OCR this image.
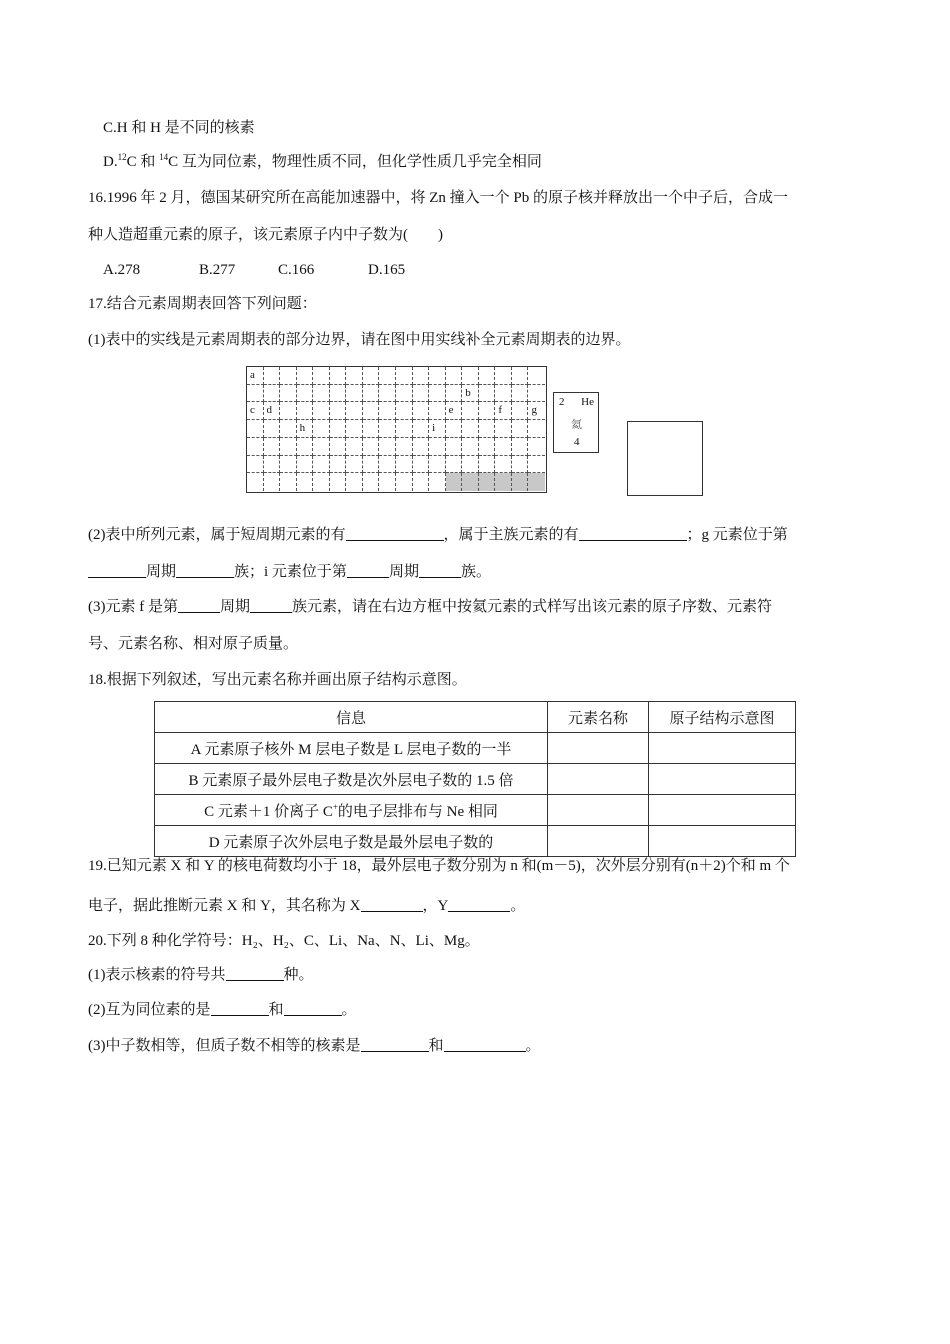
C.H 和 H 是不同的核素
D.$^{12}$C 和 $^{14}$C 互为同位素，物理性质不同，但化学性质几乎完全相同
16.1996 年 2 月，德国某研究所在高能加速器中，将 Zn 撞入一个 Pb 的原子核并释放出一个中子后，合成一
种人造超重元素的原子，该元素原子内中子数为(　　)
A.278	B.277	C.166	D.165
17.结合元素周期表回答下列问题：
(1)表中的实线是元素周期表的部分边界，请在图中用实线补全元素周期表的边界。
a
b
c	d	e	f	g
h	i
2 He
氦
4
(2)表中所列元素，属于短周期元素的有	，属于主族元素的有	；g 元素位于第
周期	族；i 元素位于第	周期	族。
(3)元素 f 是第	周期	族元素，请在右边方框中按氦元素的式样写出该元素的原子序数、元素符
号、元素名称、相对原子质量。
18.根据下列叙述，写出元素名称并画出原子结构示意图。
信息	元素名称	原子结构示意图
A 元素原子核外 M 层电子数是 L 层电子数的一半		
B 元素原子最外层电子数是次外层电子数的 1.5 倍		
C 元素＋1 价离子 C+的电子层排布与 Ne 相同		
D 元素原子次外层电子数是最外层电子数的		
19.已知元素 X 和 Y 的核电荷数均小于 18，最外层电子数分别为 n 和(m－5)，次外层分别有(n＋2)个和 m 个
电子，据此推断元素 X 和 Y，其名称为 X	，Y	。
20.下列 8 种化学符号：H₂、H₂、C、Li、Na、N、Li、Mg。
(1)表示核素的符号共	种。
(2)互为同位素的是	和	。
(3)中子数相等，但质子数不相等的核素是	和	。
